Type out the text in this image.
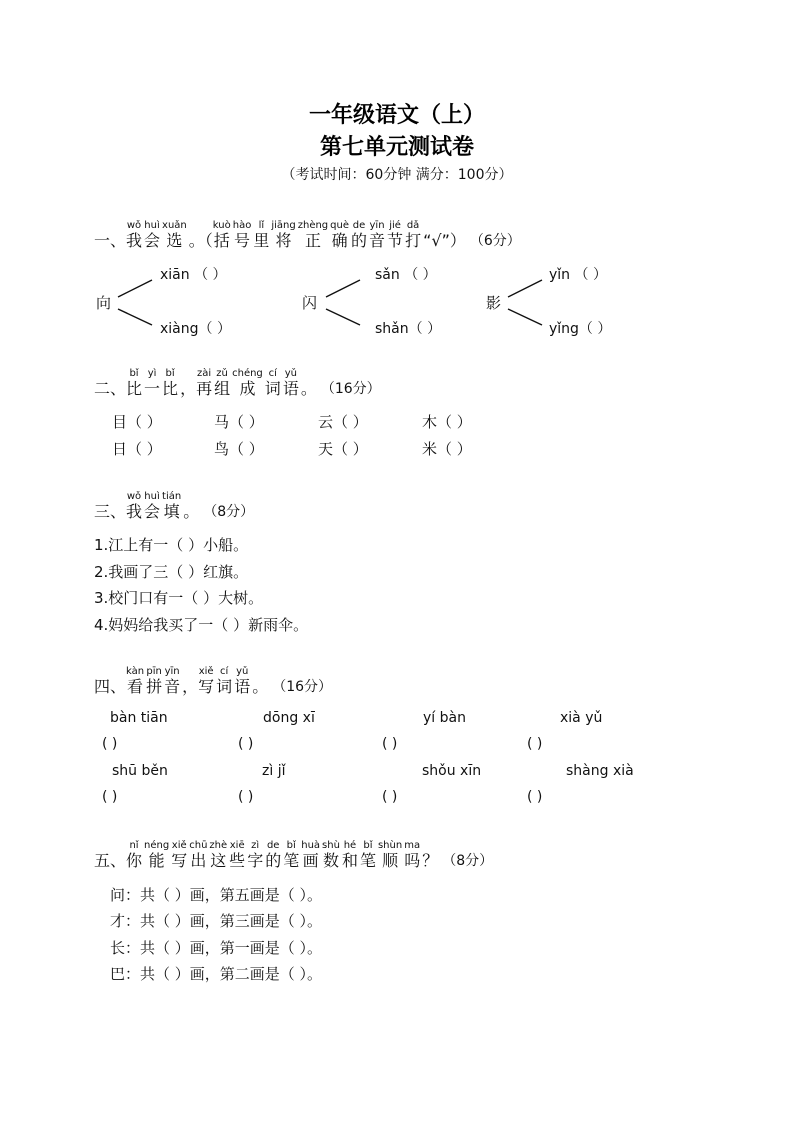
一年级语文（上）
第七单元测试卷
（考试时间：60分钟 满分：100分）
一、
wǒ
我
huì
会
xuǎn
选 。（
kuò
括
hào
号
lǐ
里
jiāng
将
zhèng
正
què
确
de
的
yīn
音
jié
节
dǎ
打 “√”） （6分）
向
xiān （ ）
xiàng（ ）
闪
sǎn （ ）
shǎn（ ）
影
yǐn （ ）
yǐng（ ）
二、
bǐ
比
yì
一
bǐ
比 ，
zài
再
zǔ
组
chéng
成
cí
词
yǔ
语 。 （16分）
目（ ）	马（ ）	云（ ）	木（ ）
日（ ）	鸟（ ）	天（ ）	米（ ）
三、
wǒ
我
huì
会
tián
填 。 （8分）
1.江上有一（ ）小船。
2.我画了三（ ）红旗。
3.校门口有一（ ）大树。
4.妈妈给我买了一（ ）新雨伞。
四、
kàn
看
pīn
拼
yīn
音 ，
xiě
写
cí
词
yǔ
语 。 （16分）
bàn tiān	dōng xī	yí bàn	xià yǔ
( )	( )	( )	( )
shū běn	zì jǐ	shǒu xīn	shàng xià
( )	( )	( )	( )
五、
nǐ
你
néng
能
xiě
写
chū
出
zhè
这
xiē
些
zì
字
de
的
bǐ
笔
huà
画
shù
数
hé
和
bǐ
笔
shùn
顺
ma
吗 ？ （8分）
问：共（ ）画，第五画是（ ）。
才：共（ ）画，第三画是（ ）。
长：共（ ）画，第一画是（ ）。
巴：共（ ）画，第二画是（ ）。
